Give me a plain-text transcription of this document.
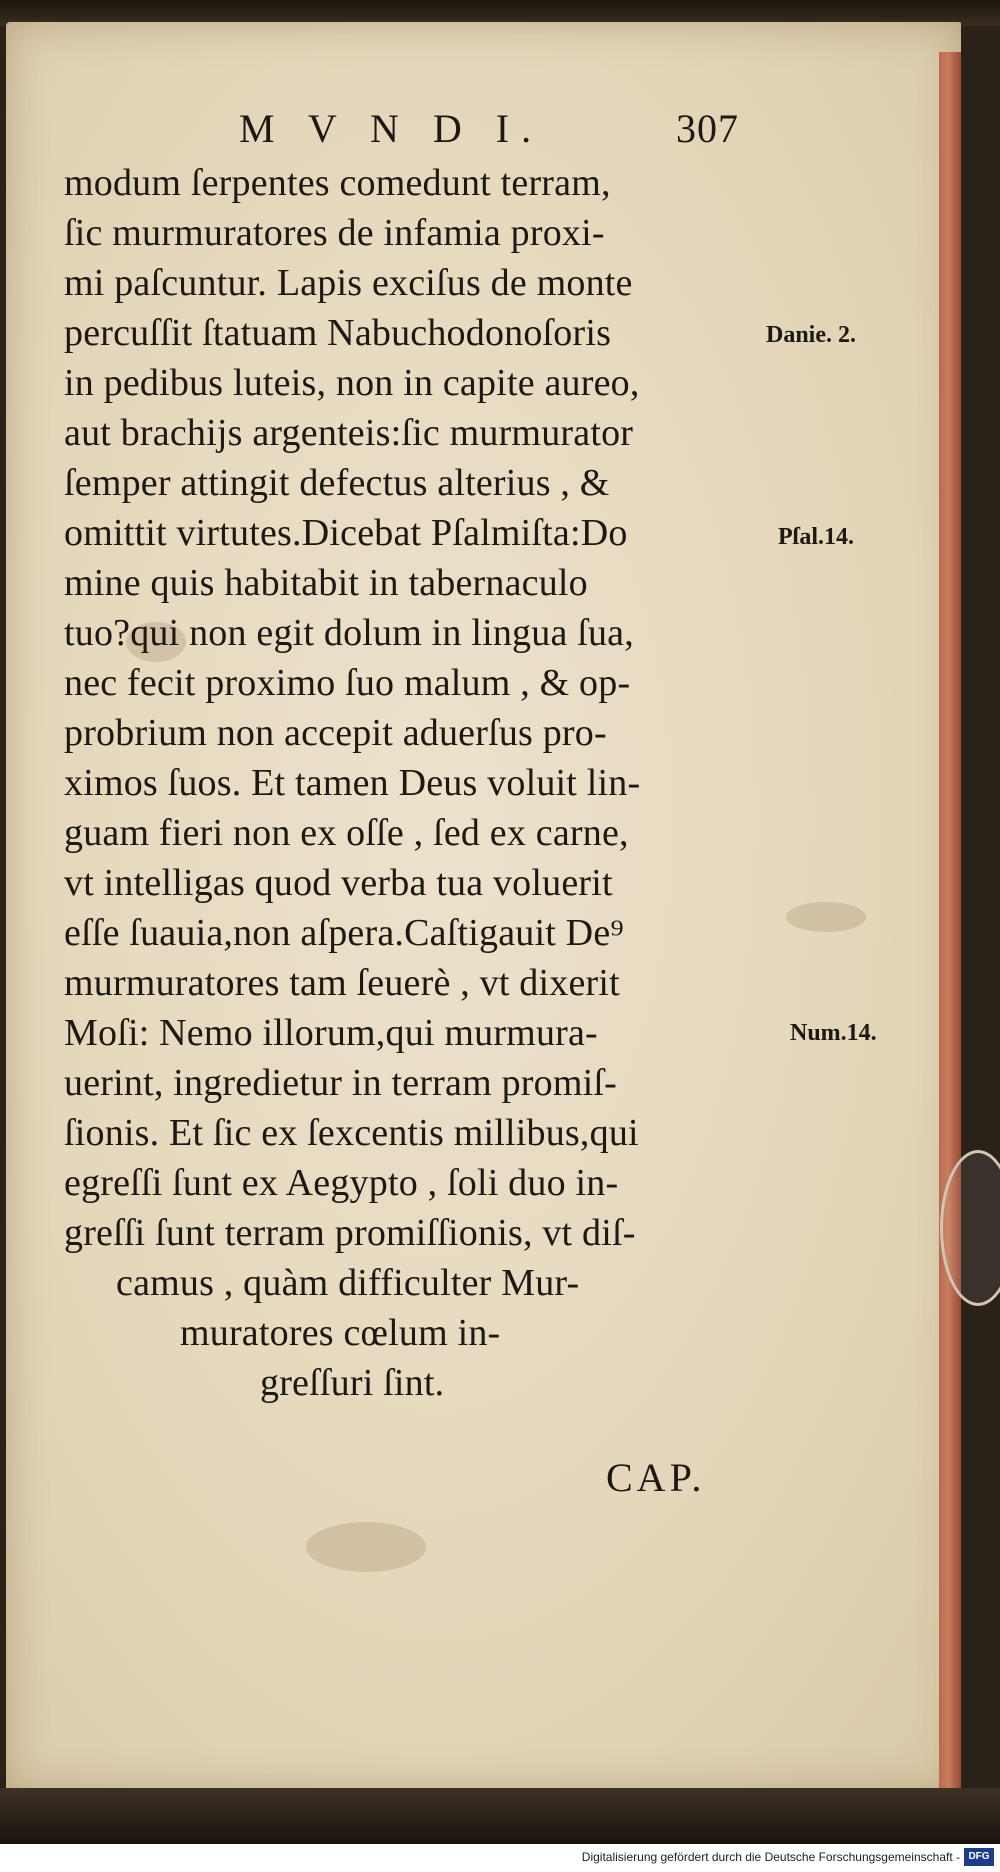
M V N D I.	307
modum ſerpentes comedunt terram,
ſic murmuratores de infamia proxi-
mi paſcuntur. Lapis exciſus de monte
percuſſit ſtatuam Nabuchodonoſoris
in pedibus luteis, non in capite aureo,
aut brachijs argenteis:ſic murmurator
ſemper attingit defectus alterius , &
omittit virtutes.Dicebat Pſalmiſta:Do
mine quis habitabit in tabernaculo
tuo?qui non egit dolum in lingua ſua,
nec fecit proximo ſuo malum , & op-
probrium non accepit aduerſus pro-
ximos ſuos. Et tamen Deus voluit lin-
guam fieri non ex oſſe , ſed ex carne,
vt intelligas quod verba tua voluerit
eſſe ſuauia,non aſpera.Caſtigauit De⁹
murmuratores tam ſeuerè , vt dixerit
Moſi: Nemo illorum,qui murmura-
uerint, ingredietur in terram promiſ-
ſionis. Et ſic ex ſexcentis millibus,qui
egreſſi ſunt ex Aegypto , ſoli duo in-
greſſi ſunt terram promiſſionis, vt diſ-
camus , quàm difficulter Mur-
muratores cœlum in-
greſſuri ſint.
Danie. 2.
Pſal.14.
Num.14.
CAP.
Digitalisierung gefördert durch die Deutsche Forschungsgemeinschaft - DFG
